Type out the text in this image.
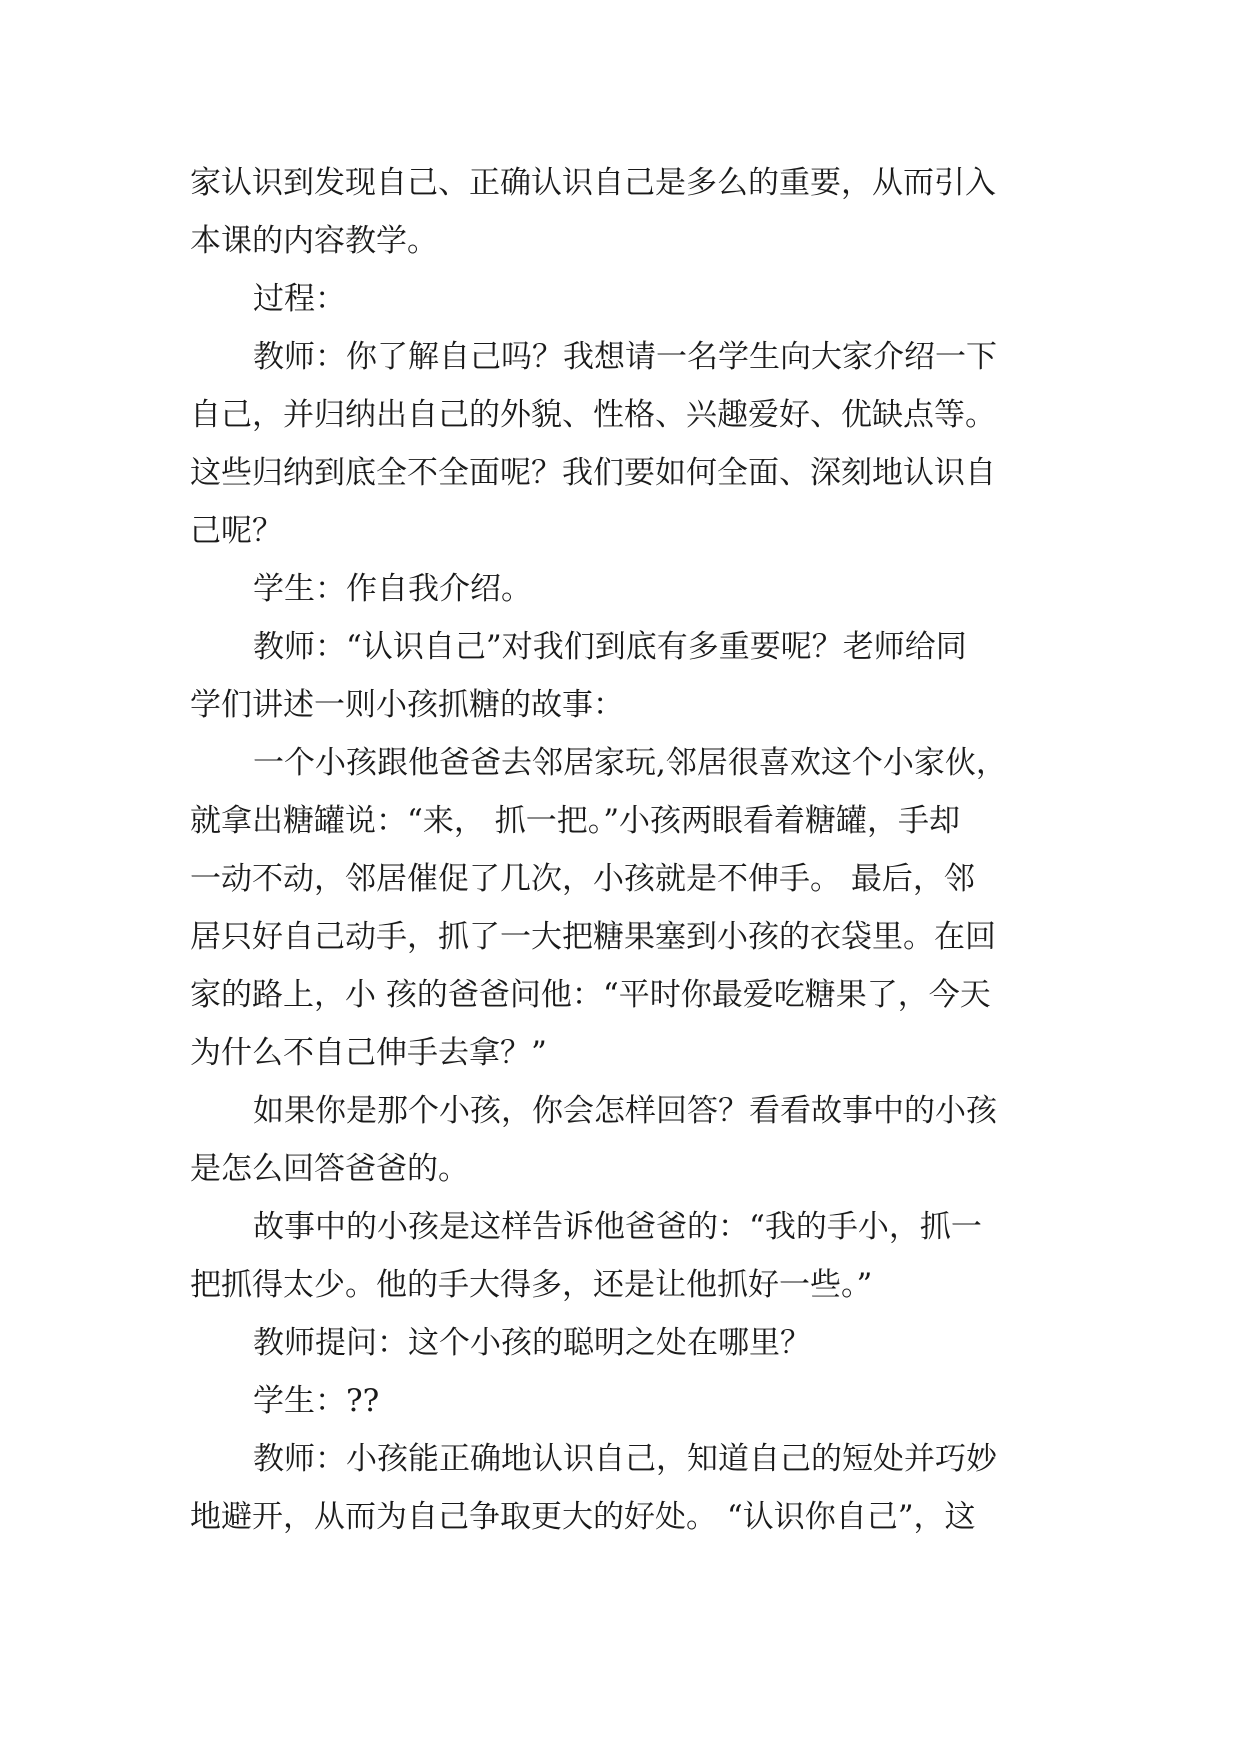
家认识到发现自己、正确认识自己是多么的重要，从而引入
本课的内容教学。
过程：
教师：你了解自己吗？我想请一名学生向大家介绍一下
自己，并归纳出自己的外貌、性格、兴趣爱好、优缺点等。
这些归纳到底全不全面呢？我们要如何全面、深刻地认识自
己呢？
学生：作自我介绍。
教师：“认识自己”对我们到底有多重要呢？老师给同
学们讲述一则小孩抓糖的故事：
一个小孩跟他爸爸去邻居家玩,邻居很喜欢这个小家伙，
就拿出糖罐说：“来， 抓一把。”小孩两眼看着糖罐，手却
一动不动，邻居催促了几次，小孩就是不伸手。 最后，邻
居只好自己动手，抓了一大把糖果塞到小孩的衣袋里。在回
家的路上，小 孩的爸爸问他：“平时你最爱吃糖果了，今天
为什么不自己伸手去拿？”
如果你是那个小孩，你会怎样回答？看看故事中的小孩
是怎么回答爸爸的。
故事中的小孩是这样告诉他爸爸的：“我的手小，抓一
把抓得太少。他的手大得多，还是让他抓好一些。”
教师提问：这个小孩的聪明之处在哪里？
学生：??
教师：小孩能正确地认识自己，知道自己的短处并巧妙
地避开，从而为自己争取更大的好处。 “认识你自己”，这
